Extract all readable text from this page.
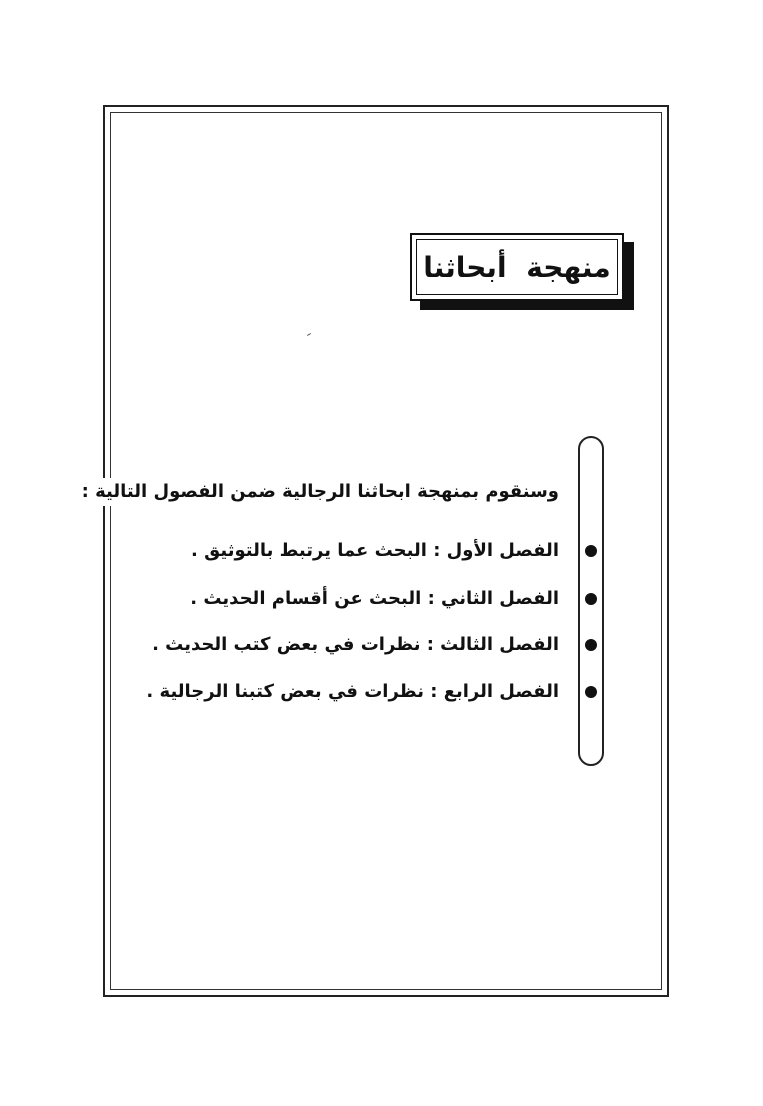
منهجة أبحاثنا
وسنقوم بمنهجة ابحاثنا الرجالية ضمن الفصول التالية :
الفصل الأول : البحث عما يرتبط بالتوثيق .
الفصل الثاني : البحث عن أقسام الحديث .
الفصل الثالث : نظرات في بعض كتب الحديث .
الفصل الرابع : نظرات في بعض كتبنا الرجالية .
